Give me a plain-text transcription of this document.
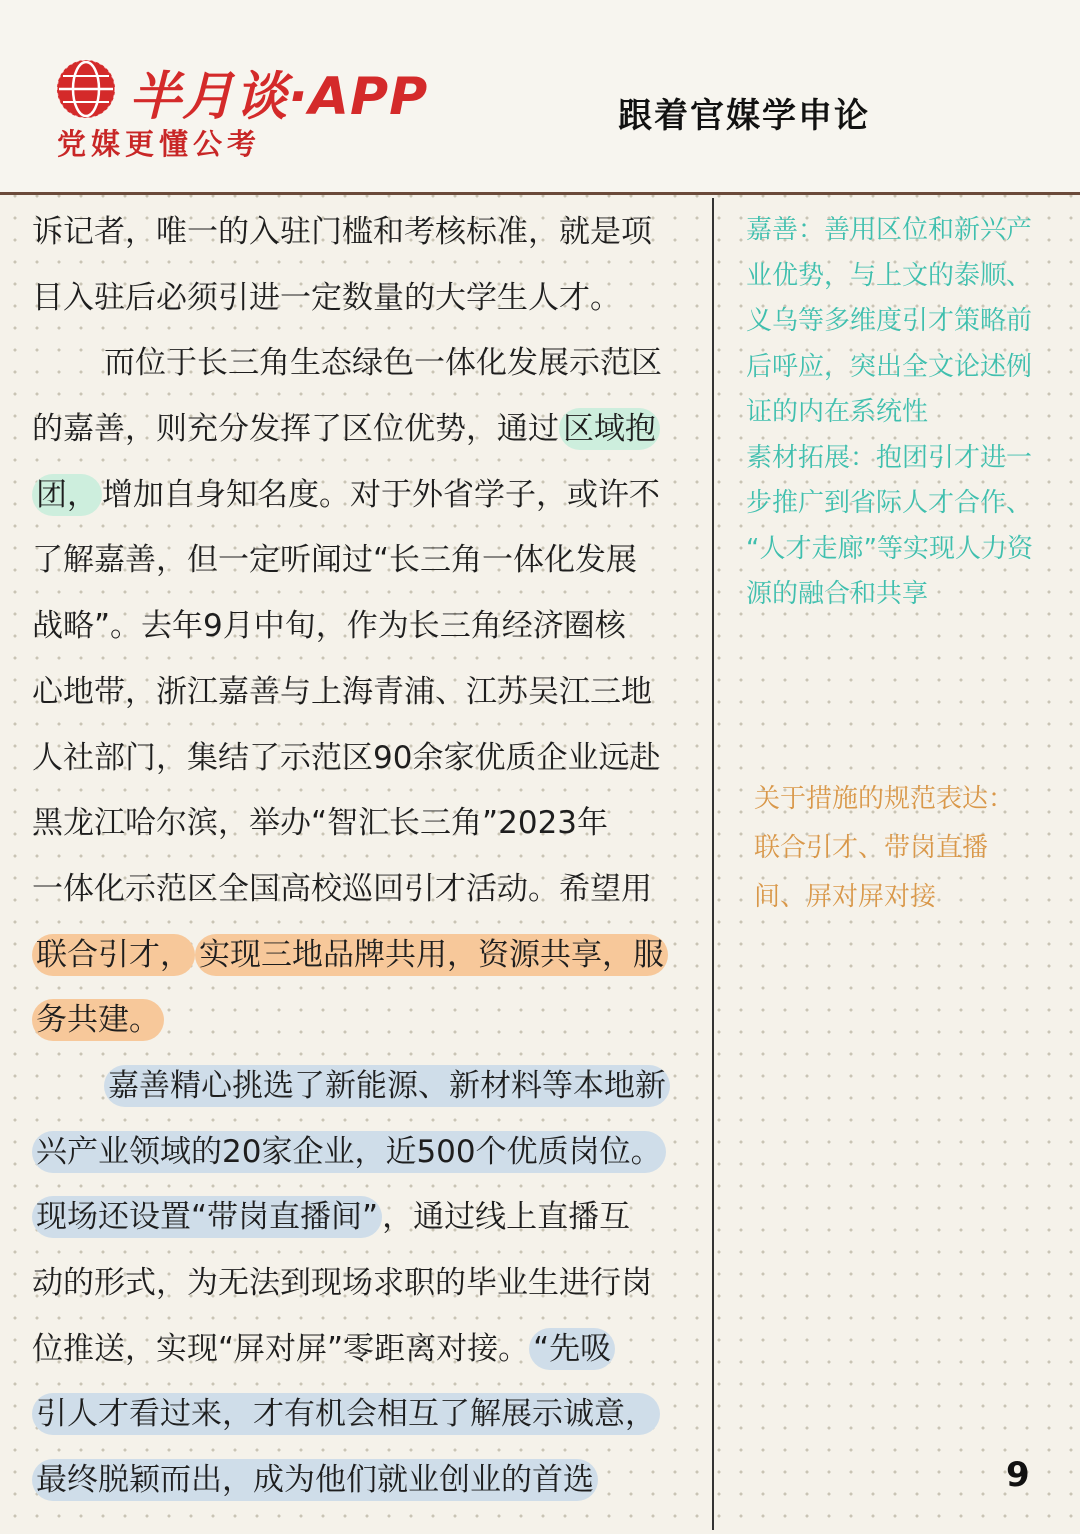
半月谈·APP
党媒更懂公考
跟着官媒学申论
诉记者，唯一的入驻门槛和考核标准，就是项
目入驻后必须引进一定数量的大学生人才。
而位于长三角生态绿色一体化发展示范区
的嘉善，则充分发挥了区位优势，通过 区域抱
团， 增加自身知名度。对于外省学子，或许不
了解嘉善，但一定听闻过“长三角一体化发展
战略”。去年9月中旬，作为长三角经济圈核
心地带，浙江嘉善与上海青浦、江苏吴江三地
人社部门，集结了示范区90余家优质企业远赴
黑龙江哈尔滨，举办“智汇长三角”2023年
一体化示范区全国高校巡回引才活动。希望用
联合引才， 实现三地品牌共用，资源共享，服
务共建。
嘉善精心挑选了新能源、新材料等本地新
兴产业领域的20家企业，近500个优质岗位。
现场还设置“带岗直播间” ，通过线上直播互
动的形式，为无法到现场求职的毕业生进行岗
位推送，实现“屏对屏”零距离对接。 “先吸
引人才看过来，才有机会相互了解展示诚意，
最终脱颖而出，成为他们就业创业的首选
嘉善：善用区位和新兴产
业优势，与上文的泰顺、
义乌等多维度引才策略前
后呼应，突出全文论述例
证的内在系统性
素材拓展：抱团引才进一
步推广到省际人才合作、
“人才走廊”等实现人力资
源的融合和共享
关于措施的规范表达：
联合引才、带岗直播
间、屏对屏对接
9
